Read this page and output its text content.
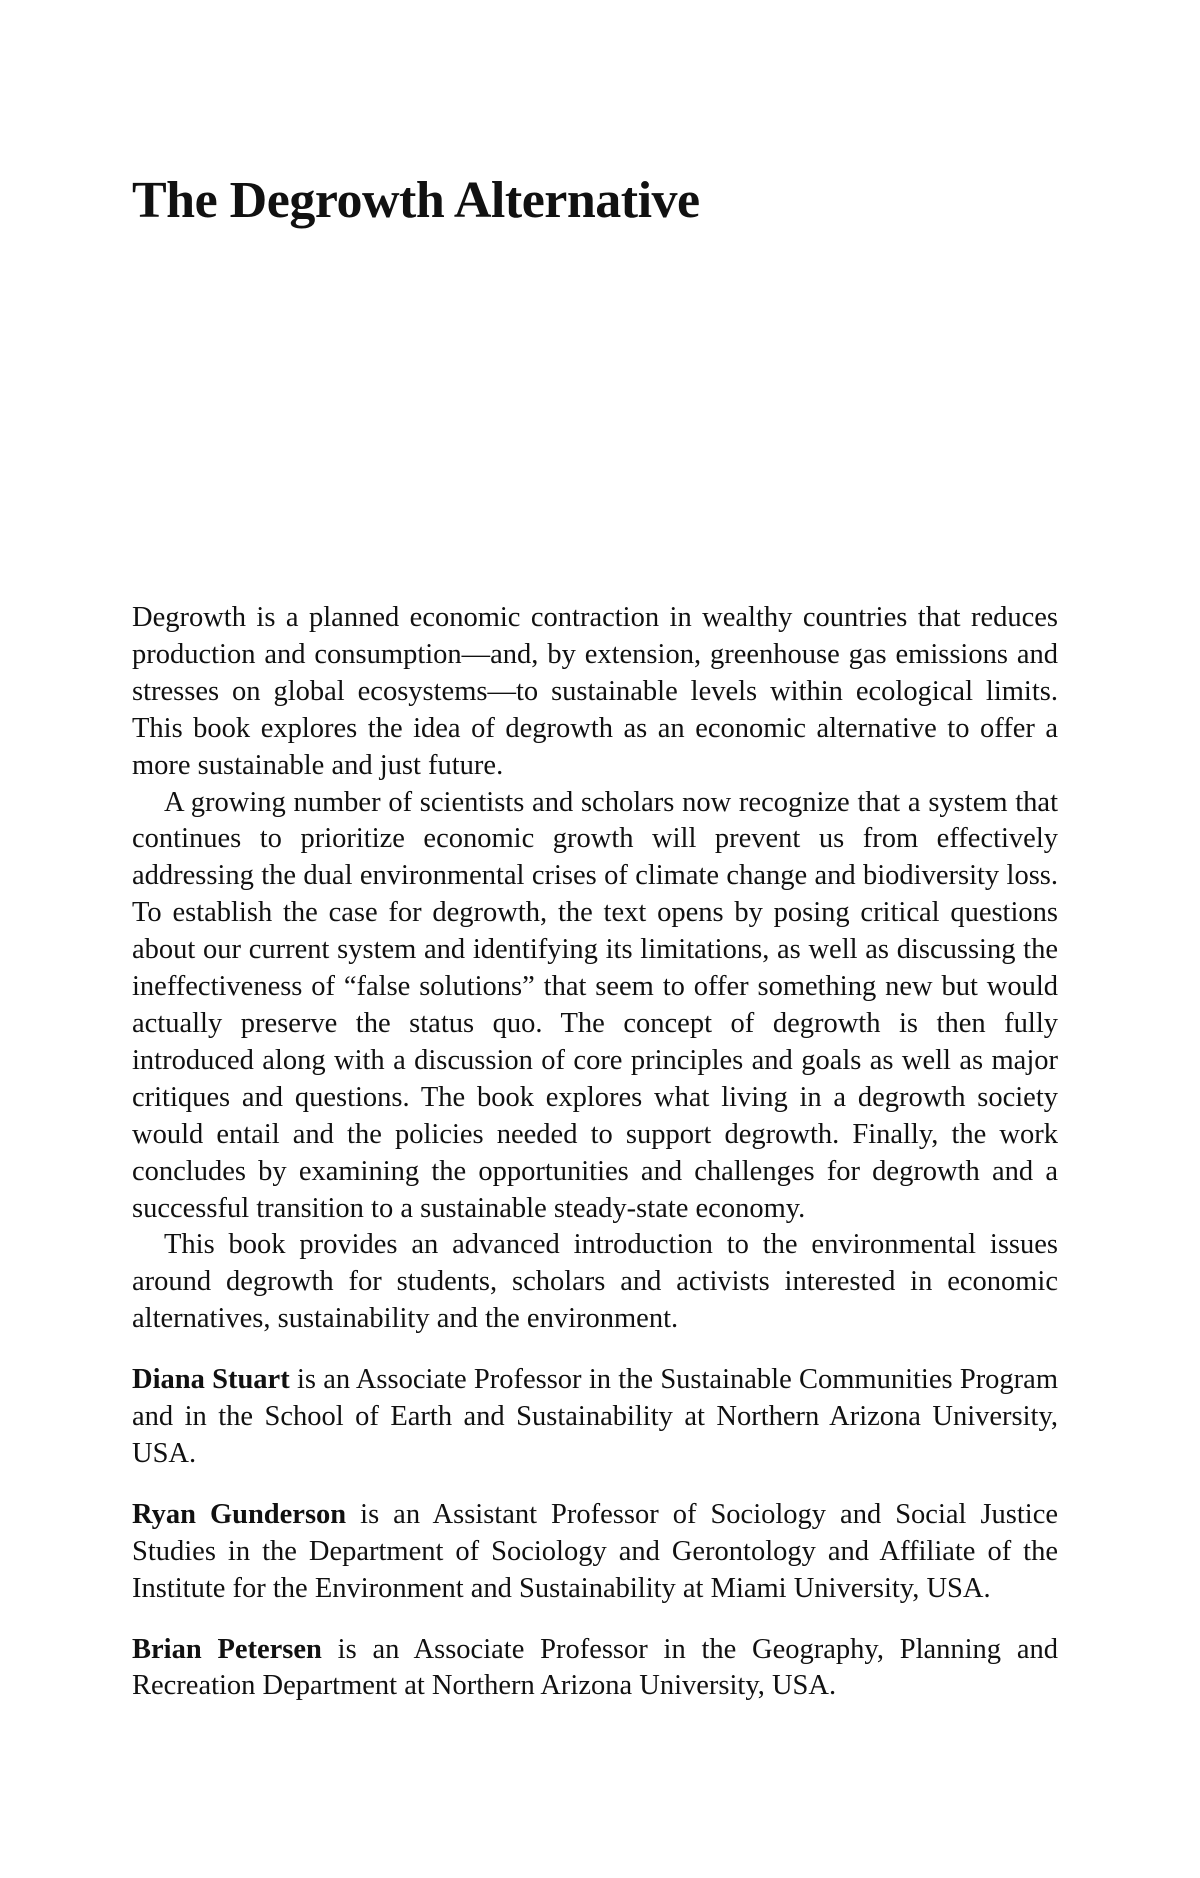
The Degrowth Alternative

Degrowth is a planned economic contraction in wealthy countries that reduces production and consumption—and, by extension, greenhouse gas emissions and stresses on global ecosystems—to sustainable levels within ecological limits. This book explores the idea of degrowth as an economic alternative to offer a more sustainable and just future.

A growing number of scientists and scholars now recognize that a system that continues to prioritize economic growth will prevent us from effectively addressing the dual environmental crises of climate change and biodiversity loss. To establish the case for degrowth, the text opens by posing critical questions about our current system and identifying its limitations, as well as discussing the ineffectiveness of “false solutions” that seem to offer something new but would actually preserve the status quo. The concept of degrowth is then fully introduced along with a discussion of core principles and goals as well as major critiques and questions. The book explores what living in a degrowth society would entail and the policies needed to support degrowth. Finally, the work concludes by examining the opportunities and challenges for degrowth and a successful transition to a sustainable steady-state economy.

This book provides an advanced introduction to the environmental issues around degrowth for students, scholars and activists interested in economic alternatives, sustainability and the environment.

Diana Stuart is an Associate Professor in the Sustainable Communities Program and in the School of Earth and Sustainability at Northern Arizona University, USA.

Ryan Gunderson is an Assistant Professor of Sociology and Social Justice Studies in the Department of Sociology and Gerontology and Affiliate of the Institute for the Environment and Sustainability at Miami University, USA.

Brian Petersen is an Associate Professor in the Geography, Planning and Recreation Department at Northern Arizona University, USA.
